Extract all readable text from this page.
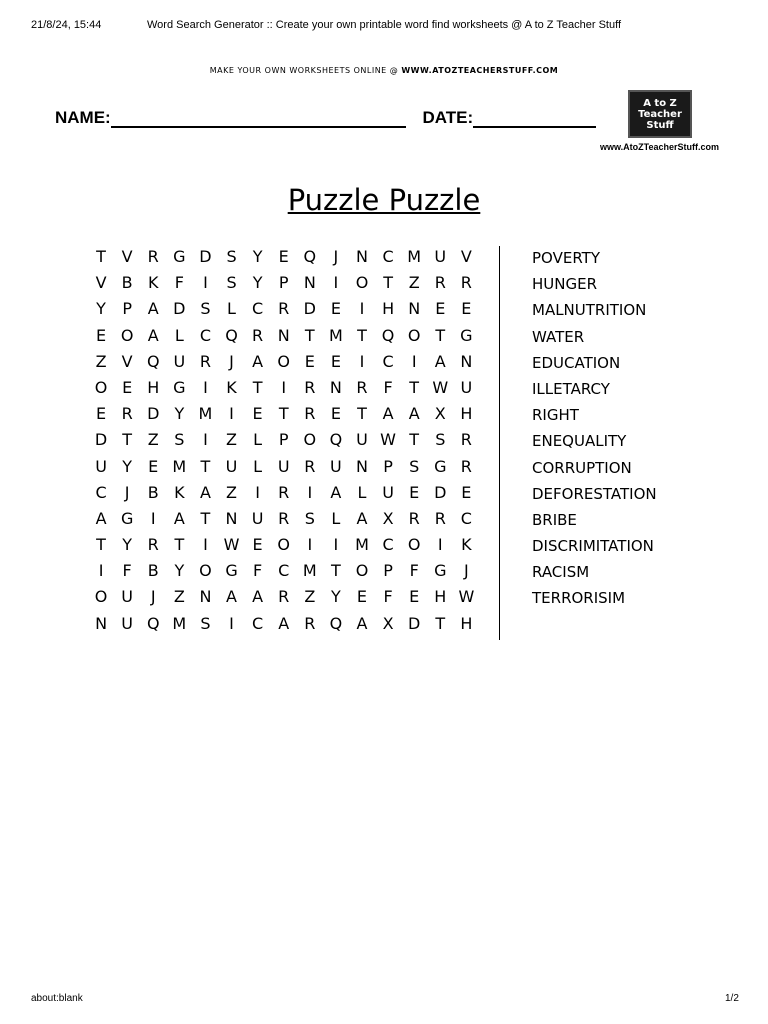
21/8/24, 15:44	Word Search Generator :: Create your own printable word find worksheets @ A to Z Teacher Stuff
MAKE YOUR OWN WORKSHEETS ONLINE @ WWW.ATOZTEACHERSTUFF.COM
NAME:	DATE:
A to Z
Teacher
Stuff
www.AtoZTeacherStuff.com
Puzzle Puzzle
T V R G D S	Y	E Q	J	N C M U V
V B K	F	I	S	Y	P N	I	O T Z R R
Y	P A D S	L	C R D E	I	H N E E
E O A	L	C Q R N T M T Q O T G
Z V Q U R	J	A O E E	I	C	I	A N
O E H G	I	K T	I	R N R F	T W U
E R D Y M	I	E	T R E	T A A X H
D T Z S	I	Z	L	P O Q U W T	S R
U Y	E M T U L U R U N P	S G R
C	J	B K A Z	I	R	I	A	L U E D E
A G	I	A T N U R S	L	A X R R C
T	Y R T	I W E O	I	I	M C O	I	K
I	F	B Y O G F C M T O P	F G	J
O U	J	Z N A A R Z Y	E	F	E H W
N U Q M S	I	C A R Q A X D T H
POVERTY
HUNGER
MALNUTRITION
WATER
EDUCATION
ILLETARCY
RIGHT
ENEQUALITY
CORRUPTION
DEFORESTATION
BRIBE
DISCRIMITATION
RACISM
TERRORISIM
about:blank	1/2
